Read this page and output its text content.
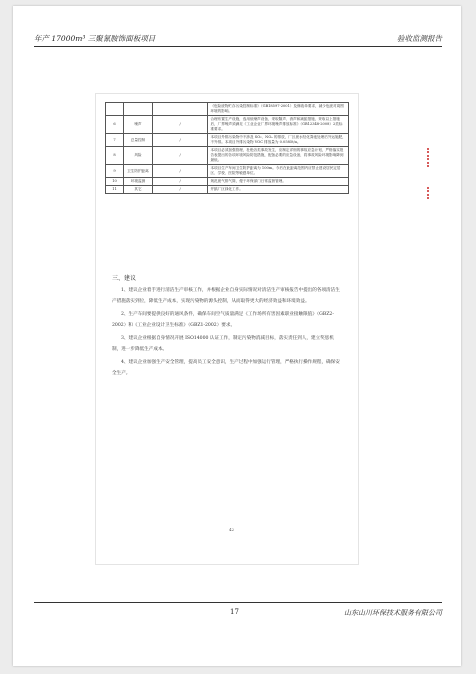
年产 17000m³ 三聚氰胺饰面板项目	验收监测报告
			《危险废物贮存污染控制标准》（GB18597-2001）及修改单要求，减少危废对周围环境的影响。
6	噪声	/	合理布置生产设施，选用低噪声设备，采取隔声、消声和减振措施，采取以上措施后，厂界噪声须满足《工业企业厂界环境噪声排放标准》（GB12348-2008）2类标准要求。
7	总量控制	/	本项目外排污染物中不涉及 SO₂、NOₓ 的排放，厂区废水经化粪池处理后外运施肥，不外排。本项目外排污染物 VOC 排放量为 0.0585t/a。
8	风险	/	本项目必须加强管理，杜绝各类事故发生，应制定详细的事故应急计划，严格落实报告表提出的各项环境风险防范措施，配备必要的应急设备，将事故风险环境影响降到最低。
9	卫生防护距离	/	本项目生产车间卫生防护距离为 100m。今后在此距离范围内应禁止建设居民定居区、学校、医院等敏感单位。
10	环境监测	/	规范废气排气筒，便于环保部门日常监督管理。
11	其它	/	并搞厂区绿化工作。
三、建议

1、建议企业着手进行清洁生产审核工作，并根据企业自身实际情况对清洁生产审核报告中提出的各项清洁生产措施落实到位，降低生产成本，实现污染物的源头控制，从而取得更大的经济效益和环境效益。

2、生产车间要提供良好的通风条件，确保车间空气质量满足《工作场所有害因素职业接触限值》（GBZ2-2002）和《工业企业设计卫生标准》（GBZ1-2002）要求。

3、建议企业根据自身情况开展 ISO14000 认证工作，制定污染物消减目标，落实责任到人，建立奖惩机制，进一步降低生产成本。

4、建议企业加强生产安全管理，提高员工安全意识，生产过程中加强运行管理，严格执行操作规程，确保安全生产。

42
17	山东山川环保技术服务有限公司
